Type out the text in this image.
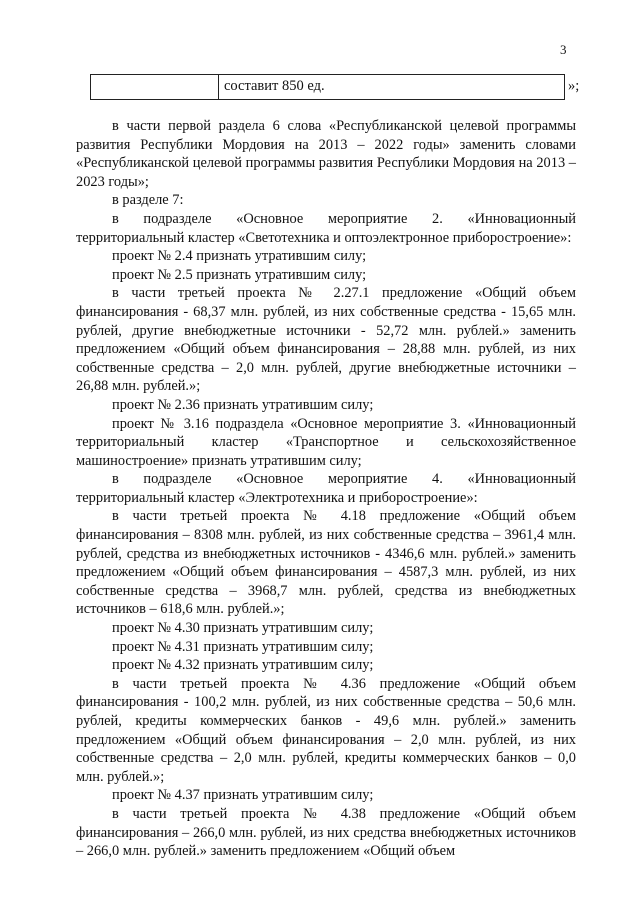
3
составит 850 ед.	»;

в части первой раздела 6 слова «Республиканской целевой программы развития Республики Мордовия на 2013 – 2022 годы» заменить словами «Республиканской целевой программы развития Республики Мордовия на 2013 – 2023 годы»;

в разделе 7:

в подразделе «Основное мероприятие 2. «Инновационный территориальный кластер «Светотехника и оптоэлектронное приборостроение»:

проект № 2.4 признать утратившим силу;

проект № 2.5 признать утратившим силу;

в части третьей проекта № 2.27.1 предложение «Общий объем финансирования - 68,37 млн. рублей, из них собственные средства - 15,65 млн. рублей, другие внебюджетные источники - 52,72 млн. рублей.» заменить предложением «Общий объем финансирования – 28,88 млн. рублей, из них собственные средства – 2,0 млн. рублей, другие внебюджетные источники – 26,88 млн. рублей.»;

проект № 2.36 признать утратившим силу;

проект № 3.16 подраздела «Основное мероприятие 3. «Инновационный территориальный кластер «Транспортное и сельскохозяйственное машиностроение» признать утратившим силу;

в подразделе «Основное мероприятие 4. «Инновационный территориальный кластер «Электротехника и приборостроение»:

в части третьей проекта № 4.18 предложение «Общий объем финансирования – 8308 млн. рублей, из них собственные средства – 3961,4 млн. рублей, средства из внебюджетных источников - 4346,6 млн. рублей.» заменить предложением «Общий объем финансирования – 4587,3 млн. рублей, из них собственные средства – 3968,7 млн. рублей, средства из внебюджетных источников – 618,6 млн. рублей.»;

проект № 4.30 признать утратившим силу;

проект № 4.31 признать утратившим силу;

проект № 4.32 признать утратившим силу;

в части третьей проекта № 4.36 предложение «Общий объем финансирования - 100,2 млн. рублей, из них собственные средства – 50,6 млн. рублей, кредиты коммерческих банков - 49,6 млн. рублей.» заменить предложением «Общий объем финансирования – 2,0 млн. рублей, из них собственные средства – 2,0 млн. рублей, кредиты коммерческих банков – 0,0 млн. рублей.»;

проект № 4.37 признать утратившим силу;

в части третьей проекта № 4.38 предложение «Общий объем финансирования – 266,0 млн. рублей, из них средства внебюджетных источников – 266,0 млн. рублей.» заменить предложением «Общий объем
